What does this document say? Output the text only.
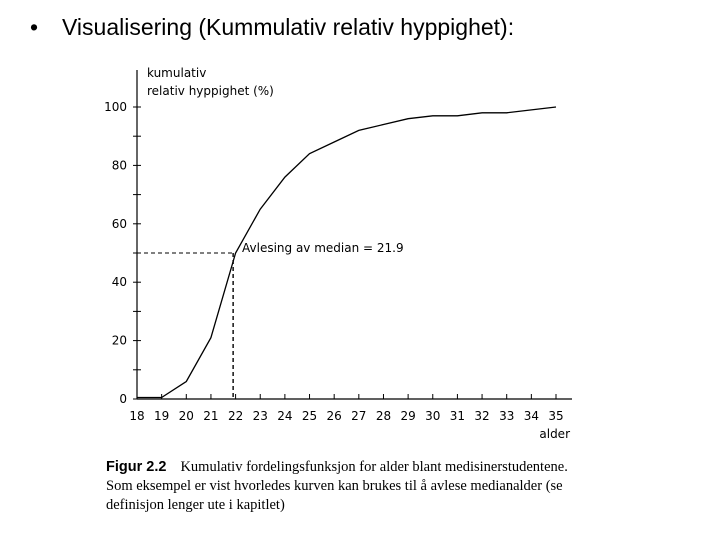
• Visualisering (Kummulativ relativ hyppighet):
0
20
40
60
80
100
18 19 20 21 22 23 24 25 26 27 28 29 30 31 32 33 34 35
kumulativ
relativ hyppighet (%)
alder
Avlesing av median = 21.9
Figur 2.2 Kumulativ fordelingsfunksjon for alder blant medisinerstudentene. Som eksempel er vist hvorledes kurven kan brukes til å avlese medianalder (se definisjon lenger ute i kapitlet)
